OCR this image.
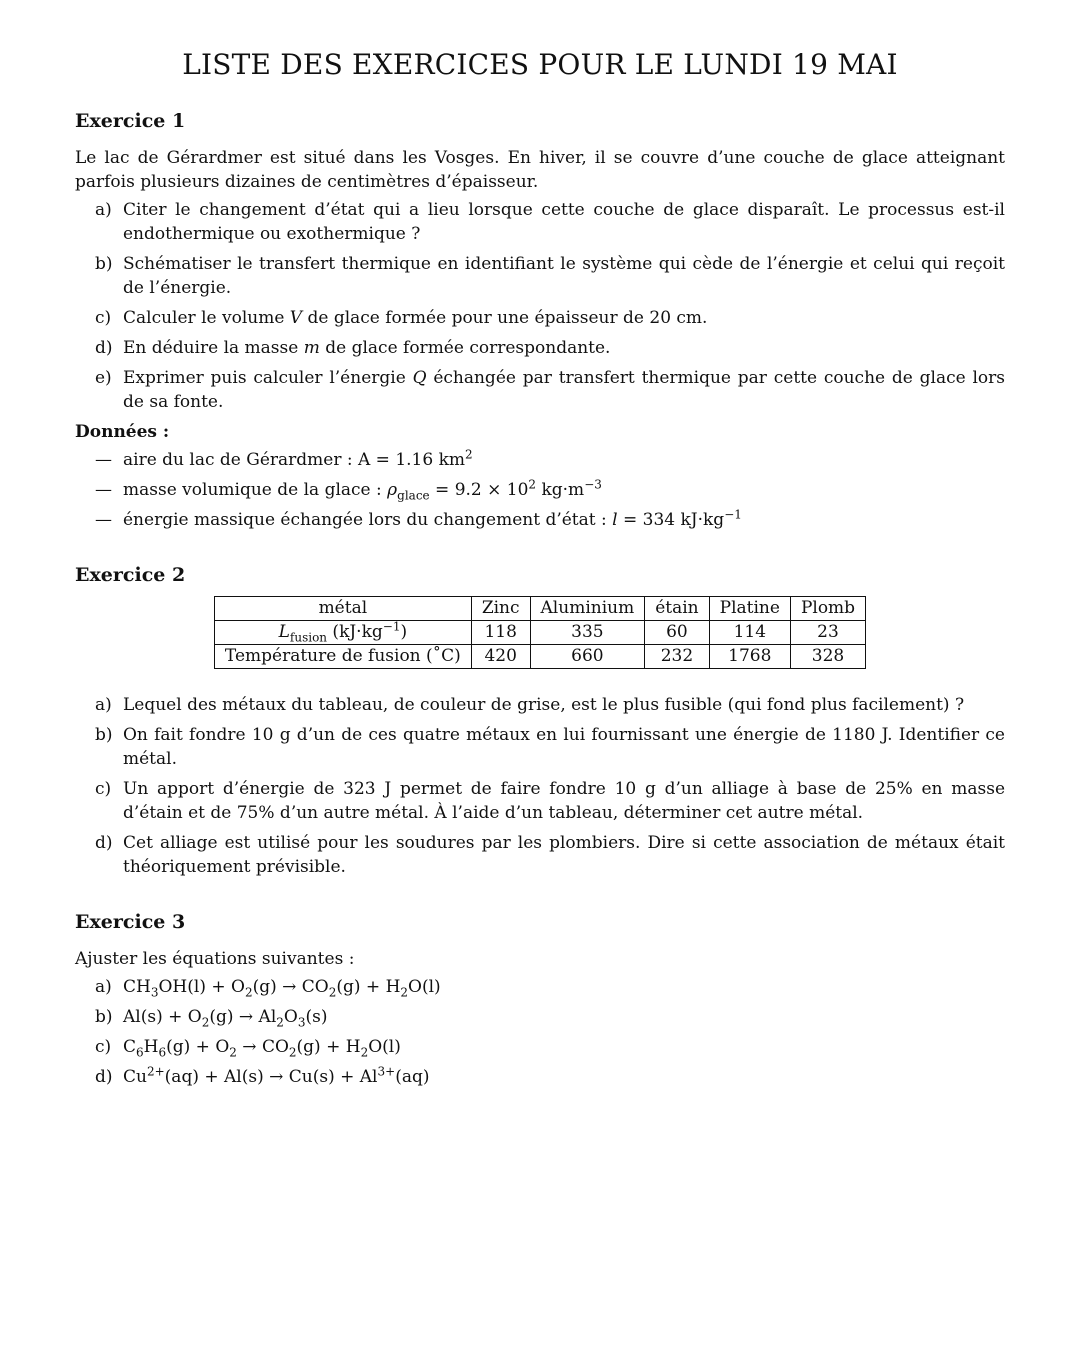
LISTE DES EXERCICES POUR LE LUNDI 19 MAI
Exercice 1

Le lac de Gérardmer est situé dans les Vosges. En hiver, il se couvre d’une couche de glace atteignant parfois plusieurs dizaines de centimètres d’épaisseur.

a) Citer le changement d’état qui a lieu lorsque cette couche de glace disparaît. Le processus est-il endothermique ou exothermique ?
b) Schématiser le transfert thermique en identifiant le système qui cède de l’énergie et celui qui reçoit de l’énergie.
c) Calculer le volume V de glace formée pour une épaisseur de 20 cm.
d) En déduire la masse m de glace formée correspondante.
e) Exprimer puis calculer l’énergie Q échangée par transfert thermique par cette couche de glace lors de sa fonte.
Données :
— aire du lac de Gérardmer : A = 1.16 $km^2$
— masse volumique de la glace : $\rho_{glace} = 9.2 \times 10^2$ $kg\cdot m^{-3}$
— énergie massique échangée lors du changement d’état : l = 334 $kJ\cdot kg^{-1}$
Exercice 2
métal	Zinc	Aluminium	étain	Platine	Plomb
$L_{fusion}$ $(kJ\cdot kg^{-1})$	118	335	60	114	23
Température de fusion (˚C)	420	660	232	1768	328
a) Lequel des métaux du tableau, de couleur de grise, est le plus fusible (qui fond plus facilement) ?
b) On fait fondre 10 g d’un de ces quatre métaux en lui fournissant une énergie de 1180 J. Identifier ce métal.
c) Un apport d’énergie de 323 J permet de faire fondre 10 g d’un alliage à base de 25% en masse d’étain et de 75% d’un autre métal. À l’aide d’un tableau, déterminer cet autre métal.
d) Cet alliage est utilisé pour les soudures par les plombiers. Dire si cette association de métaux était théoriquement prévisible.
Exercice 3

Ajuster les équations suivantes :

a) $CH_3OH(l) + O_2(g) \to CO_2(g) + H_2O(l)$
b) $Al(s) + O_2(g) \to Al_2O_3(s)$
c) $C_6H_6(g) + O_2 \to CO_2(g) + H_2O(l)$
d) $Cu^{2+}(aq) + Al(s) \to Cu(s) + Al^{3+}(aq)$
